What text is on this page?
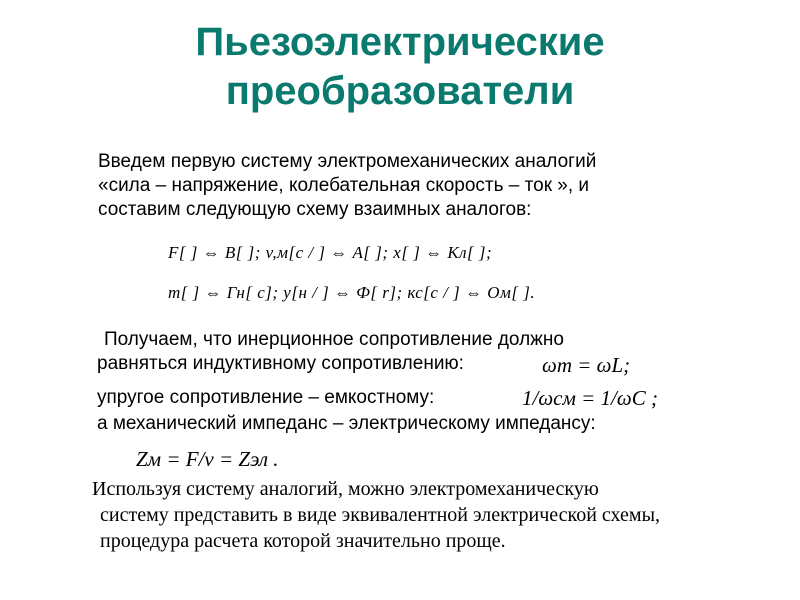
Пьезоэлектрические
преобразователи
Введем первую систему электромеханических аналогий
«сила – напряжение, колебательная скорость – ток », и
составим следующую схему взаимных аналогов:
F[ ] ⇔ B[ ]; v,м[c / ] ⇔ A[ ]; x[ ] ⇔ Кл[ ];
m[ ] ⇔ Гн[ c]; y[н / ] ⇔ Ф[ r]; кс[c / ] ⇔ Ом[ ].
Получаем, что инерционное сопротивление должно
равняться индуктивному сопротивлению:	ωm = ωL;
упругое сопротивление – емкостному:	1/ωcм = 1/ωC ;
а механический импеданс – электрическому импедансу:
Zм = F/v = Zэл .
Используя систему аналогий, можно электромеханическую
систему представить в виде эквивалентной электрической схемы,
процедура расчета которой значительно проще.
